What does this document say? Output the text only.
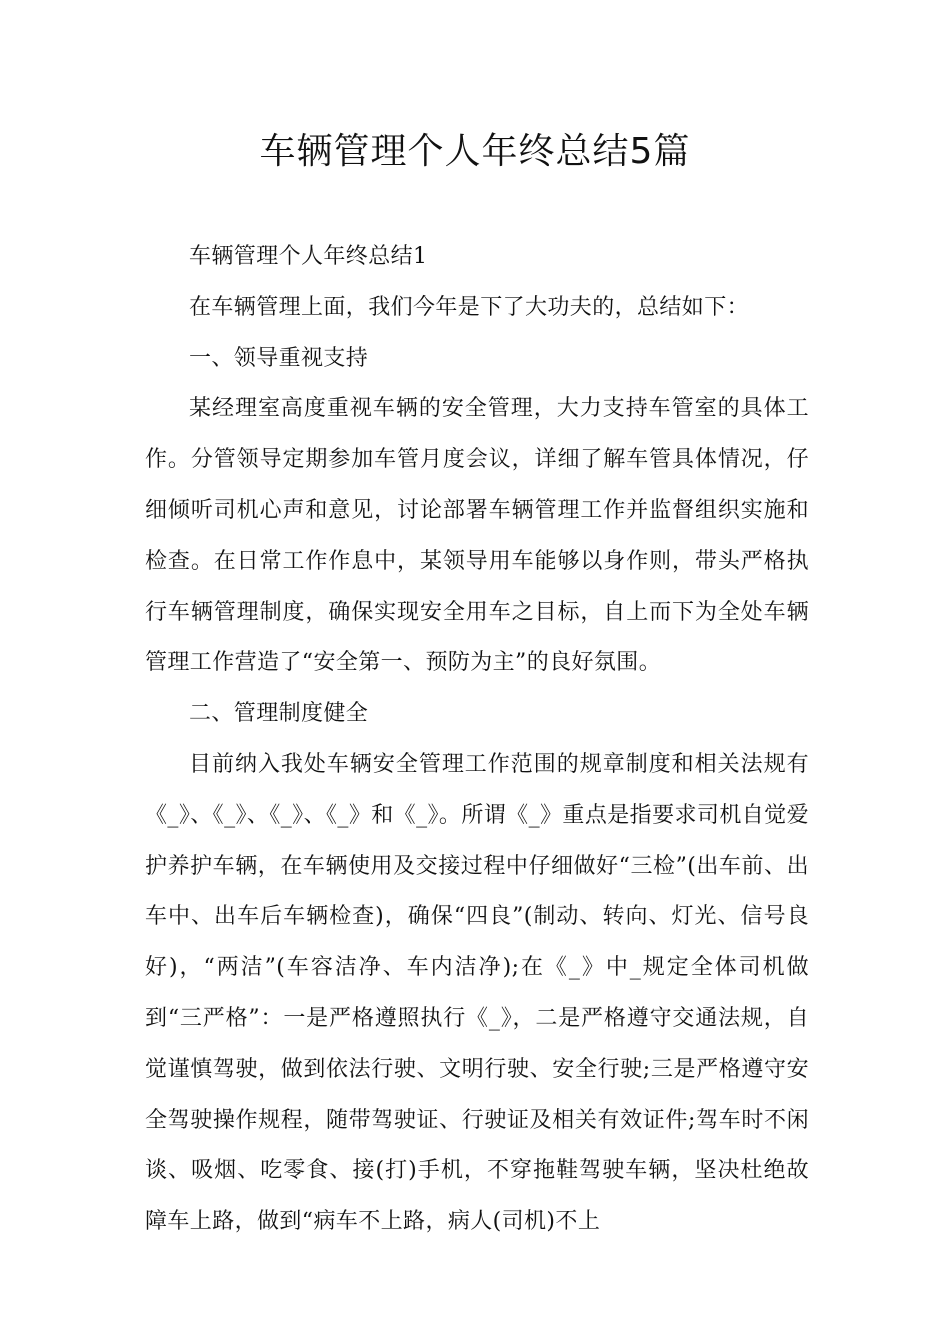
车辆管理个人年终总结5篇

车辆管理个人年终总结1

在车辆管理上面，我们今年是下了大功夫的，总结如下：

一、领导重视支持

某经理室高度重视车辆的安全管理，大力支持车管室的具体工作。分管领导定期参加车管月度会议，详细了解车管具体情况，仔细倾听司机心声和意见，讨论部署车辆管理工作并监督组织实施和检查。在日常工作作息中，某领导用车能够以身作则，带头严格执行车辆管理制度，确保实现安全用车之目标，自上而下为全处车辆管理工作营造了“安全第一、预防为主”的良好氛围。

二、管理制度健全

目前纳入我处车辆安全管理工作范围的规章制度和相关法规有《_》、《_》、《_》、《_》和《_》。所谓《_》重点是指要求司机自觉爱护养护车辆，在车辆使用及交接过程中仔细做好“三检”(出车前、出车中、出车后车辆检查)，确保“四良”(制动、转向、灯光、信号良好)，“两洁”(车容洁净、车内洁净);在《_》中_规定全体司机做到“三严格”：一是严格遵照执行《_》，二是严格遵守交通法规，自觉谨慎驾驶，做到依法行驶、文明行驶、安全行驶;三是严格遵守安全驾驶操作规程，随带驾驶证、行驶证及相关有效证件;驾车时不闲谈、吸烟、吃零食、接(打)手机，不穿拖鞋驾驶车辆，坚决杜绝故障车上路，做到“病车不上路，病人(司机)不上
